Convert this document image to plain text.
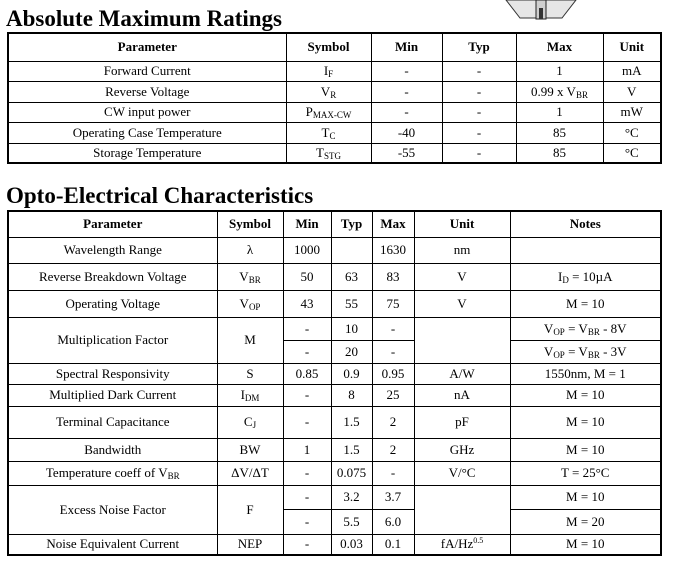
Absolute Maximum Ratings
Parameter	Symbol	Min	Typ	Max	Unit
Forward Current	$I_F$	-	-	1	mA
Reverse Voltage	$V_R$	-	-	0.99 x $V_{BR}$	V
CW input power	$P_{MAX-CW}$	-	-	1	mW
Operating Case Temperature	$T_C$	-40	-	85	°C
Storage Temperature	$T_{STG}$	-55	-	85	°C
Opto-Electrical Characteristics
Parameter	Symbol	Min	Typ	Max	Unit	Notes
Wavelength Range	λ	1000		1630	nm	
Reverse Breakdown Voltage	$V_{BR}$	50	63	83	V	$I_D = 10\mu A$
Operating Voltage	$V_{OP}$	43	55	75	V	M = 10
Multiplication Factor	M	-	10	-		$V_{OP} = V_{BR} - 8V$
		-	20	-		$V_{OP} = V_{BR} - 3V$
Spectral Responsivity	S	0.85	0.9	0.95	A/W	1550nm, M = 1
Multiplied Dark Current	$I_{DM}$	-	8	25	nA	M = 10
Terminal Capacitance	$C_J$	-	1.5	2	pF	M = 10
Bandwidth	BW	1	1.5	2	GHz	M = 10
Temperature coeff of $V_{BR}$	ΔV/ΔT	-	0.075	-	V/°C	T = 25°C
Excess Noise Factor	F	-	3.2	3.7		M = 10
		-	5.5	6.0		M = 20
Noise Equivalent Current	NEP	-	0.03	0.1	$fA/Hz^{0.5}$	M = 10
